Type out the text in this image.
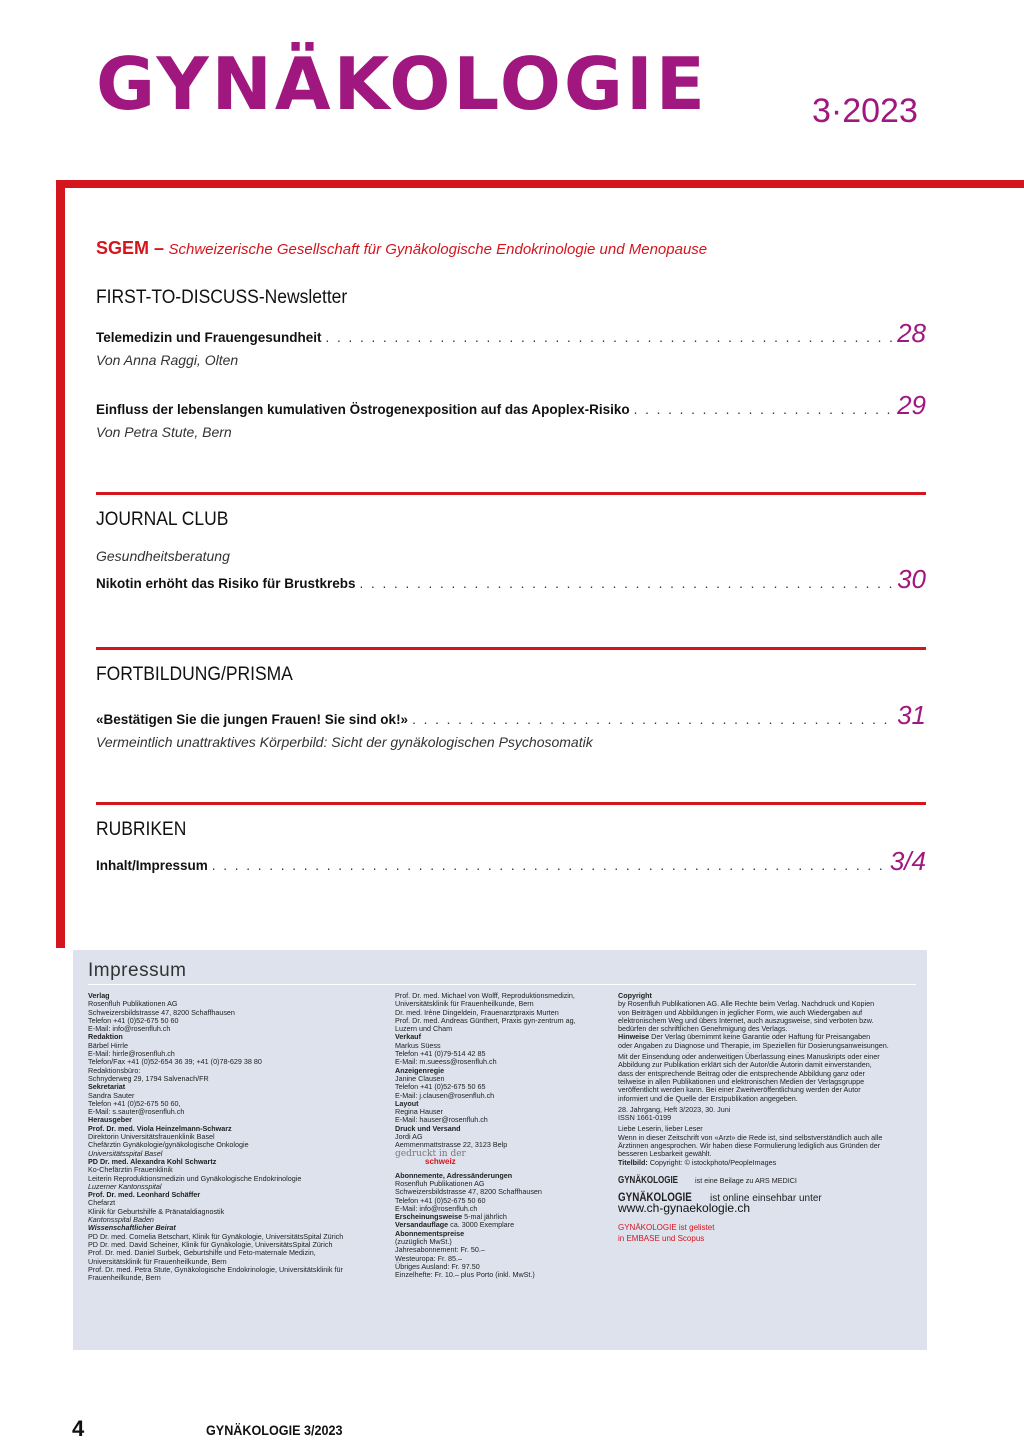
GYNÄKOLOGIE	3·2023
SGEM – Schweizerische Gesellschaft für Gynäkologische Endokrinologie und Menopause
FIRST-TO-DISCUSS-Newsletter
Telemedizin und Frauengesundheit . . .	28
Von Anna Raggi, Olten
Einfluss der lebenslangen kumulativen Östrogenexposition auf das Apoplex-Risiko . . .	29
Von Petra Stute, Bern
JOURNAL CLUB
Gesundheitsberatung
Nikotin erhöht das Risiko für Brustkrebs . . .	30
FORTBILDUNG/PRISMA
«Bestätigen Sie die jungen Frauen! Sie sind ok!» . . .	31
Vermeintlich unattraktives Körperbild: Sicht der gynäkologischen Psychosomatik
RUBRIKEN
Inhalt/Impressum . . .	3/4
Impressum
Verlag
Rosenfluh Publikationen AG
Schweizersbildstrasse 47, 8200 Schaffhausen
Telefon +41 (0)52-675 50 60
E-Mail: info@rosenfluh.ch
Redaktion
Bärbel Hirrle
E-Mail: hirrle@rosenfluh.ch
Telefon/Fax +41 (0)52-654 36 39; +41 (0)78-629 38 80
Redaktionsbüro:
Schnyderweg 29, 1794 Salvenach/FR
Sekretariat
Sandra Sauter
Telefon +41 (0)52-675 50 60,
E-Mail: s.sauter@rosenfluh.ch
Herausgeber
Prof. Dr. med. Viola Heinzelmann-Schwarz
Direktorin Universitätsfrauenklinik Basel
Chefärztin Gynäkologie/gynäkologische Onkologie
Universitätsspital Basel
PD Dr. med. Alexandra Kohl Schwartz
Ko-Chefärztin Frauenklinik
Leiterin Reproduktionsmedizin und Gynäkologische Endokrinologie
Luzerner Kantonsspital
Prof. Dr. med. Leonhard Schäffer
Chefarzt
Klinik für Geburtshilfe & Pränataldiagnostik
Kantonsspital Baden
Wissenschaftlicher Beirat
PD Dr. med. Cornelia Betschart, Klinik für Gynäkologie, UniversitätsSpital Zürich
PD Dr. med. David Scheiner, Klinik für Gynäkologie, UniversitätsSpital Zürich
Prof. Dr. med. Daniel Surbek, Geburtshilfe und Feto-maternale Medizin,
Universitätsklinik für Frauenheilkunde, Bern
Prof. Dr. med. Petra Stute, Gynäkologische Endokrinologie, Universitätsklinik für
Frauenheilkunde, Bern
Prof. Dr. med. Michael von Wolff, Reproduktionsmedizin,
Universitätsklinik für Frauenheilkunde, Bern
Dr. med. Irène Dingeldein, Frauenarztpraxis Murten
Prof. Dr. med. Andreas Günthert, Praxis gyn-zentrum ag,
Luzern und Cham
Verkauf
Markus Süess
Telefon +41 (0)79-514 42 85
E-Mail: m.sueess@rosenfluh.ch
Anzeigenregie
Janine Clausen
Telefon +41 (0)52-675 50 65
E-Mail: j.clausen@rosenfluh.ch
Layout
Regina Hauser
E-Mail: hauser@rosenfluh.ch
Druck und Versand
Jordi AG
Aemmenmattstrasse 22, 3123 Belp
gedruckt in der
schweiz
Abonnemente, Adressänderungen
Rosenfluh Publikationen AG
Schweizersbildstrasse 47, 8200 Schaffhausen
Telefon +41 (0)52-675 50 60
E-Mail: info@rosenfluh.ch
Erscheinungsweise 5-mal jährlich
Versandauflage ca. 3000 Exemplare
Abonnementspreise
(zuzüglich MwSt.)
Jahresabonnement: Fr. 50.–
Westeuropa: Fr. 85.–
Übriges Ausland: Fr. 97.50
Einzelhefte: Fr. 10.– plus Porto (inkl. MwSt.)
Copyright
by Rosenfluh Publikationen AG. Alle Rechte beim Verlag. Nachdruck und Kopien
von Beiträgen und Abbildungen in jeglicher Form, wie auch Wiedergaben auf
elektronischem Weg und übers Internet, auch auszugsweise, sind verboten bzw.
bedürfen der schriftlichen Genehmigung des Verlags.
Hinweise Der Verlag übernimmt keine Garantie oder Haftung für Preisangaben
oder Angaben zu Diagnose und Therapie, im Speziellen für Dosierungsanweisungen.
Mit der Einsendung oder anderweitigen Überlassung eines Manuskripts oder einer
Abbildung zur Publikation erklärt sich der Autor/die Autorin damit einverstanden,
dass der entsprechende Beitrag oder die entsprechende Abbildung ganz oder
teilweise in allen Publikationen und elektronischen Medien der Verlagsgruppe
veröffentlicht werden kann. Bei einer Zweitveröffentlichung werden der Autor
informiert und die Quelle der Erstpublikation angegeben.
28. Jahrgang, Heft 3/2023, 30. Juni
ISSN 1661-0199
Liebe Leserin, lieber Leser
Wenn in dieser Zeitschrift von «Arzt» die Rede ist, sind selbstverständlich auch alle
Ärztinnen angesprochen. Wir haben diese Formulierung lediglich aus Gründen der
besseren Lesbarkeit gewählt.
Titelbild: Copyright: © istockphoto/PeopleImages
GYNÄKOLOGIE ist eine Beilage zu ARS MEDICI
GYNÄKOLOGIE ist online einsehbar unter
www.ch-gynaekologie.ch
GYNÄKOLOGIE ist gelistet
in EMBASE und Scopus
4	GYNÄKOLOGIE 3/2023
